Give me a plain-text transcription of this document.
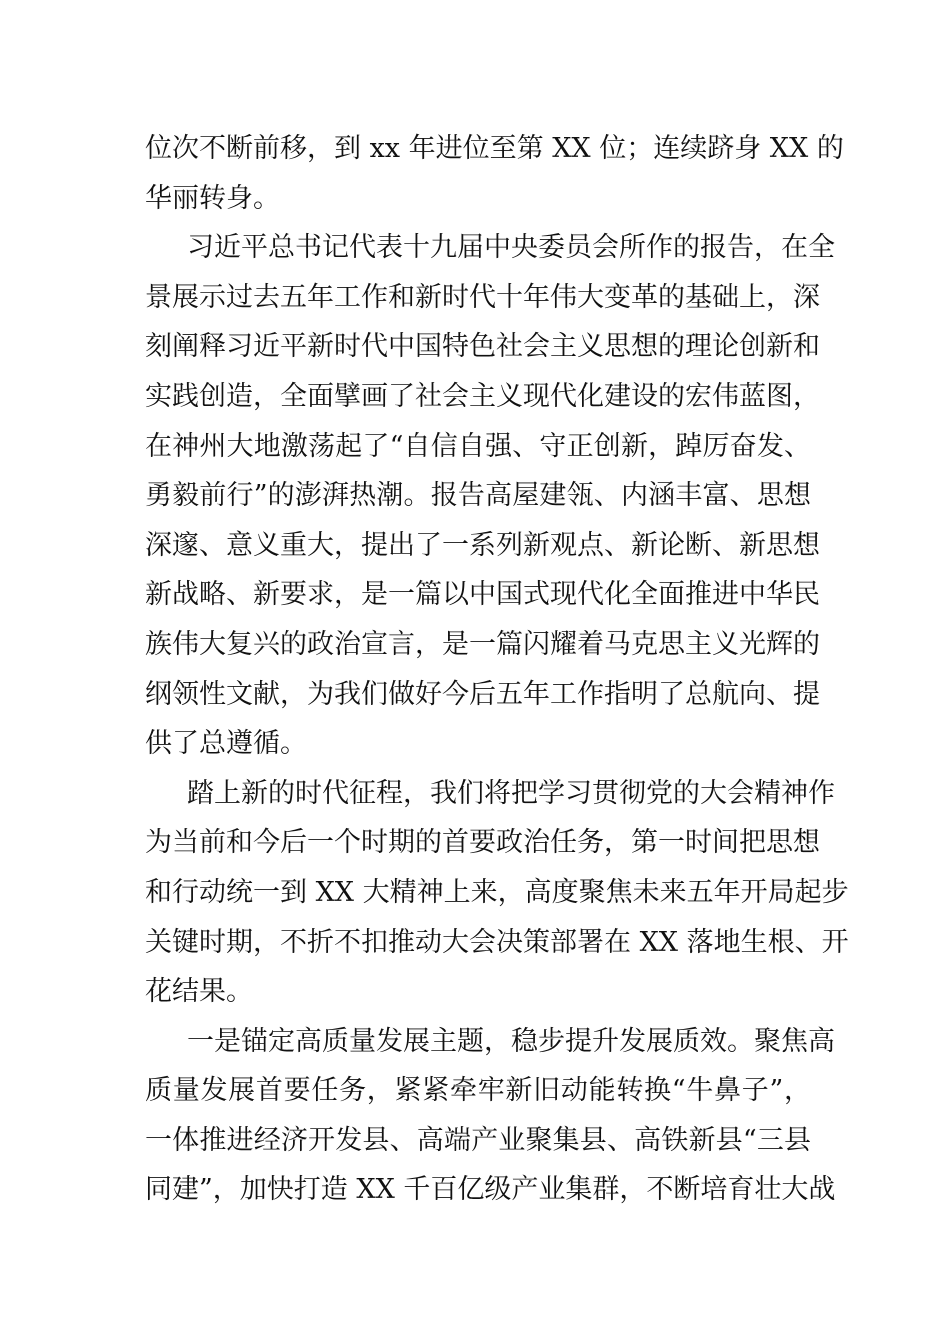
位次不断前移，到 xx 年进位至第 XX 位；连续跻身 XX 的
华丽转身。
习近平总书记代表十九届中央委员会所作的报告，在全
景展示过去五年工作和新时代十年伟大变革的基础上，深
刻阐释习近平新时代中国特色社会主义思想的理论创新和
实践创造，全面擘画了社会主义现代化建设的宏伟蓝图，
在神州大地激荡起了“自信自强、守正创新，踔厉奋发、
勇毅前行”的澎湃热潮。报告高屋建瓴、内涵丰富、思想
深邃、意义重大，提出了一系列新观点、新论断、新思想
新战略、新要求，是一篇以中国式现代化全面推进中华民
族伟大复兴的政治宣言，是一篇闪耀着马克思主义光辉的
纲领性文献，为我们做好今后五年工作指明了总航向、提
供了总遵循。
踏上新的时代征程，我们将把学习贯彻党的大会精神作
为当前和今后一个时期的首要政治任务，第一时间把思想
和行动统一到 XX 大精神上来，高度聚焦未来五年开局起步
关键时期，不折不扣推动大会决策部署在 XX 落地生根、开
花结果。
一是锚定高质量发展主题，稳步提升发展质效。聚焦高
质量发展首要任务，紧紧牵牢新旧动能转换“牛鼻子”，
一体推进经济开发县、高端产业聚集县、高铁新县“三县
同建”，加快打造 XX 千百亿级产业集群，不断培育壮大战
